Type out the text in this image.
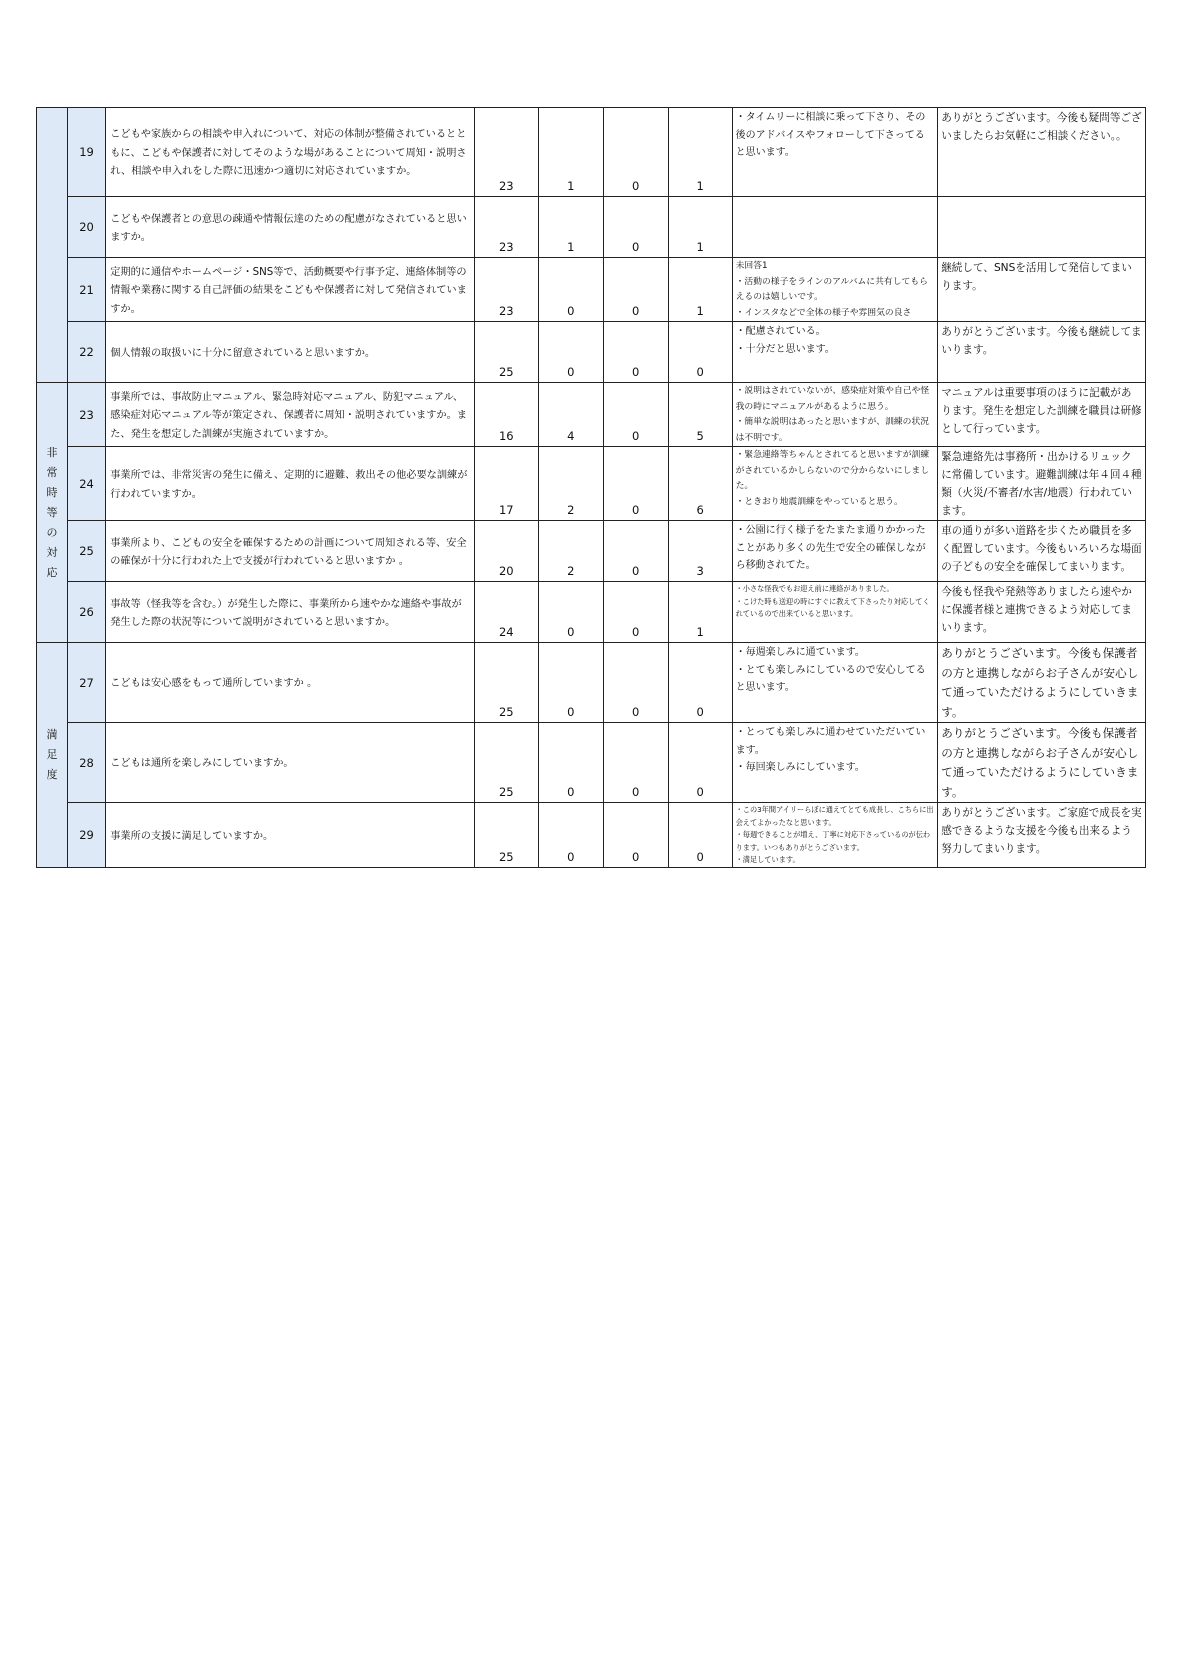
	19	こどもや家族からの相談や申入れについて、対応の体制が整備されているとともに、こどもや保護者に対してそのような場があることについて周知・説明され、相談や申入れをした際に迅速かつ適切に対応されていますか。	23	1	0	1	・タイムリーに相談に乗って下さり、その後のアドバイスやフォローして下さってると思います。	ありがとうございます。今後も疑問等ございましたらお気軽にご相談ください。。

	20	こどもや保護者との意思の疎通や情報伝達のための配慮がなされていると思いますか。	23	1	0	1	

	21	定期的に通信やホームページ・SNS等で、活動概要や行事予定、連絡体制等の情報や業務に関する自己評価の結果をこどもや保護者に対して発信されていますか。	23	0	0	1	未回答1
・活動の様子をラインのアルバムに共有してもらえるのは嬉しいです。
・インスタなどで全体の様子や雰囲気の良さ	継続して、SNSを活用して発信してまいります。

	22	個人情報の取扱いに十分に留意されていると思いますか。	25	0	0	0	・配慮されている。
・十分だと思います。	ありがとうございます。今後も継続してまいります。

非常時等の対応	23	事業所では、事故防止マニュアル、緊急時対応マニュアル、防犯マニュアル、感染症対応マニュアル等が策定され、保護者に周知・説明されていますか。また、発生を想定した訓練が実施されていますか。	16	4	0	5	・説明はされていないが、感染症対策や自己や怪我の時にマニュアルがあるように思う。
・簡単な説明はあったと思いますが、訓練の状況は不明です。	マニュアルは重要事項のほうに記載があります。発生を想定した訓練を職員は研修として行っています。

	24	事業所では、非常災害の発生に備え、定期的に避難、救出その他必要な訓練が行われていますか。	17	2	0	6	・緊急連絡等ちゃんとされてると思いますが訓練がされているかしらないので分からないにしました。
・ときおり地震訓練をやっていると思う。	緊急連絡先は事務所・出かけるリュックに常備しています。避難訓練は年４回４種類（火災/不審者/水害/地震）行われています。

	25	事業所より、こどもの安全を確保するための計画について周知される等、安全の確保が十分に行われた上で支援が行われていると思いますか 。	20	2	0	3	・公園に行く様子をたまたま通りかかったことがあり多くの先生で安全の確保しながら移動されてた。	車の通りが多い道路を歩くため職員を多く配置しています。今後もいろいろな場面の子どもの安全を確保してまいります。

	26	事故等（怪我等を含む。）が発生した際に、事業所から速やかな連絡や事故が発生した際の状況等について説明がされていると思いますか。	24	0	0	1	・小さな怪我でもお迎え前に連絡がありました。
・こけた時も送迎の時にすぐに教えて下さったり対応してくれているので出来ていると思います。	今後も怪我や発熱等ありましたら速やかに保護者様と連携できるよう対応してまいります。

満足度	27	こどもは安心感をもって通所していますか 。	25	0	0	0	・毎週楽しみに通ています。
・とても楽しみにしているので安心してると思います。	ありがとうございます。今後も保護者の方と連携しながらお子さんが安心して通っていただけるようにしていきます。

	28	こどもは通所を楽しみにしていますか。	25	0	0	0	・とっても楽しみに通わせていただいています。
・毎回楽しみにしています。	ありがとうございます。今後も保護者の方と連携しながらお子さんが安心して通っていただけるようにしていきます。

	29	事業所の支援に満足していますか。	25	0	0	0	・この3年間アイリーらぼに通えてとても成長し、こちらに出会えてよかったなと思います。
・毎週できることが増え、丁寧に対応下さっているのが伝わります。いつもありがとうございます。
・満足しています。	ありがとうございます。ご家庭で成長を実感できるような支援を今後も出来るよう努力してまいります。
